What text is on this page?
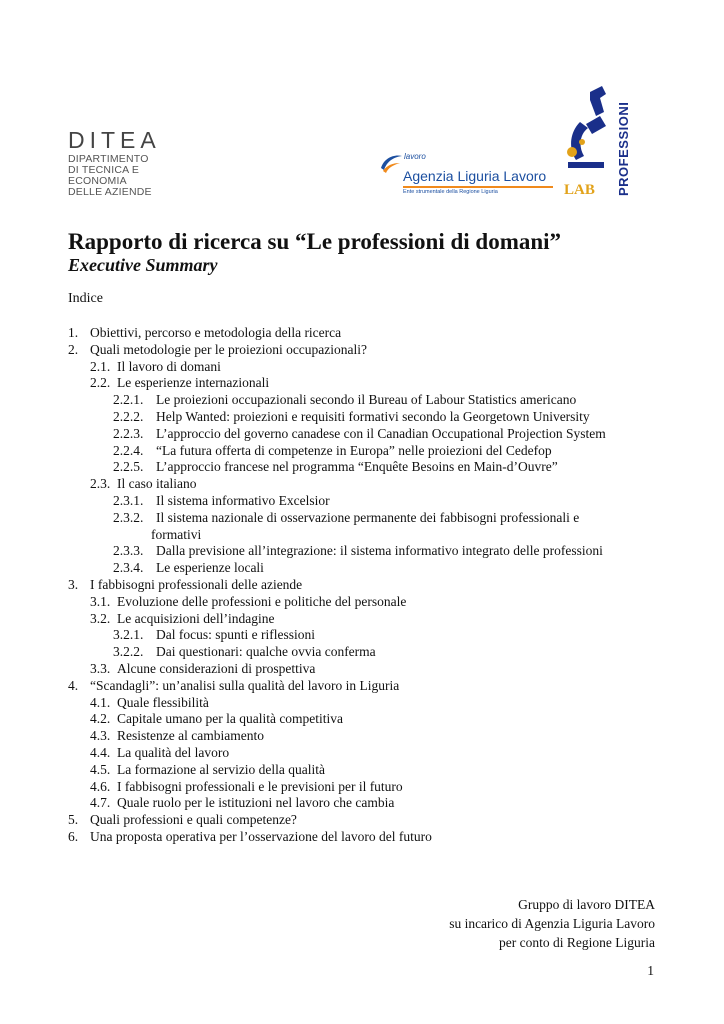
DITEA
DIPARTIMENTO
DI TECNICA E
ECONOMIA
DELLE AZIENDE
lavoro
Agenzia Liguria Lavoro
Ente strumentale della Regione Liguria	PROFESSIONI
LAB
Rapporto di ricerca su “Le professioni di domani”
Executive Summary
Indice
1. Obiettivi, percorso e metodologia della ricerca
2. Quali metodologie per le proiezioni occupazionali?
2.1. Il lavoro di domani
2.2. Le esperienze internazionali
2.2.1. Le proiezioni occupazionali secondo il Bureau of Labour Statistics americano
2.2.2. Help Wanted: proiezioni e requisiti formativi secondo la Georgetown University
2.2.3. L’approccio del governo canadese con il Canadian Occupational Projection System
2.2.4. “La futura offerta di competenze in Europa” nelle proiezioni del Cedefop
2.2.5. L’approccio francese nel programma “Enquête Besoins en Main-d’Ouvre”
2.3. Il caso italiano
2.3.1. Il sistema informativo Excelsior
2.3.2. Il sistema nazionale di osservazione permanente dei fabbisogni professionali e
formativi
2.3.3. Dalla previsione all’integrazione: il sistema informativo integrato delle professioni
2.3.4. Le esperienze locali
3. I fabbisogni professionali delle aziende
3.1. Evoluzione delle professioni e politiche del personale
3.2. Le acquisizioni dell’indagine
3.2.1. Dal focus: spunti e riflessioni
3.2.2. Dai questionari: qualche ovvia conferma
3.3. Alcune considerazioni di prospettiva
4. “Scandagli”: un’analisi sulla qualità del lavoro in Liguria
4.1. Quale flessibilità
4.2. Capitale umano per la qualità competitiva
4.3. Resistenze al cambiamento
4.4. La qualità del lavoro
4.5. La formazione al servizio della qualità
4.6. I fabbisogni professionali e le previsioni per il futuro
4.7. Quale ruolo per le istituzioni nel lavoro che cambia
5. Quali professioni e quali competenze?
6. Una proposta operativa per l’osservazione del lavoro del futuro
Gruppo di lavoro DITEA
su incarico di Agenzia Liguria Lavoro
per conto di Regione Liguria
1
